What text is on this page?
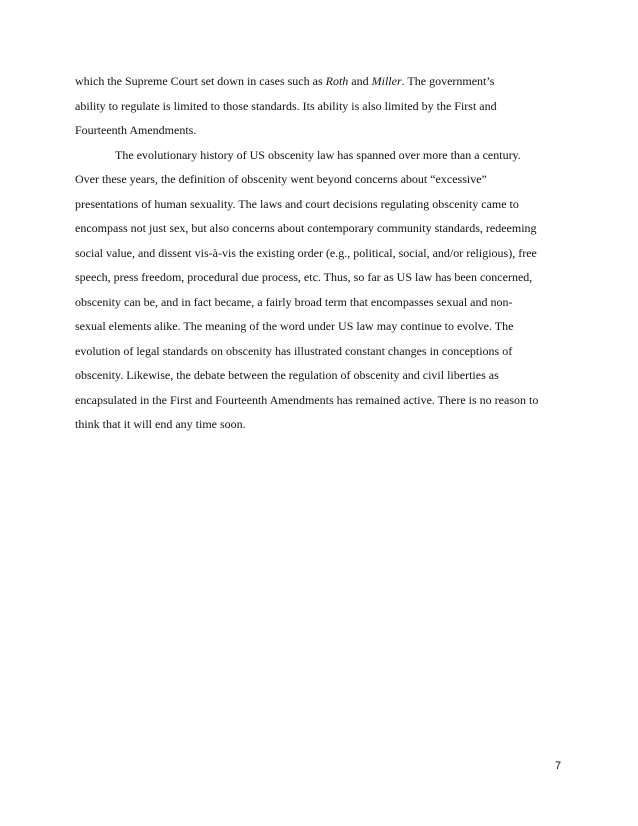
which the Supreme Court set down in cases such as Roth and Miller. The government’s
ability to regulate is limited to those standards. Its ability is also limited by the First and
Fourteenth Amendments.
The evolutionary history of US obscenity law has spanned over more than a century.
Over these years, the definition of obscenity went beyond concerns about “excessive”
presentations of human sexuality. The laws and court decisions regulating obscenity came to
encompass not just sex, but also concerns about contemporary community standards, redeeming
social value, and dissent vis-à-vis the existing order (e.g., political, social, and/or religious), free
speech, press freedom, procedural due process, etc. Thus, so far as US law has been concerned,
obscenity can be, and in fact became, a fairly broad term that encompasses sexual and non-
sexual elements alike. The meaning of the word under US law may continue to evolve. The
evolution of legal standards on obscenity has illustrated constant changes in conceptions of
obscenity. Likewise, the debate between the regulation of obscenity and civil liberties as
encapsulated in the First and Fourteenth Amendments has remained active. There is no reason to
think that it will end any time soon.
7
